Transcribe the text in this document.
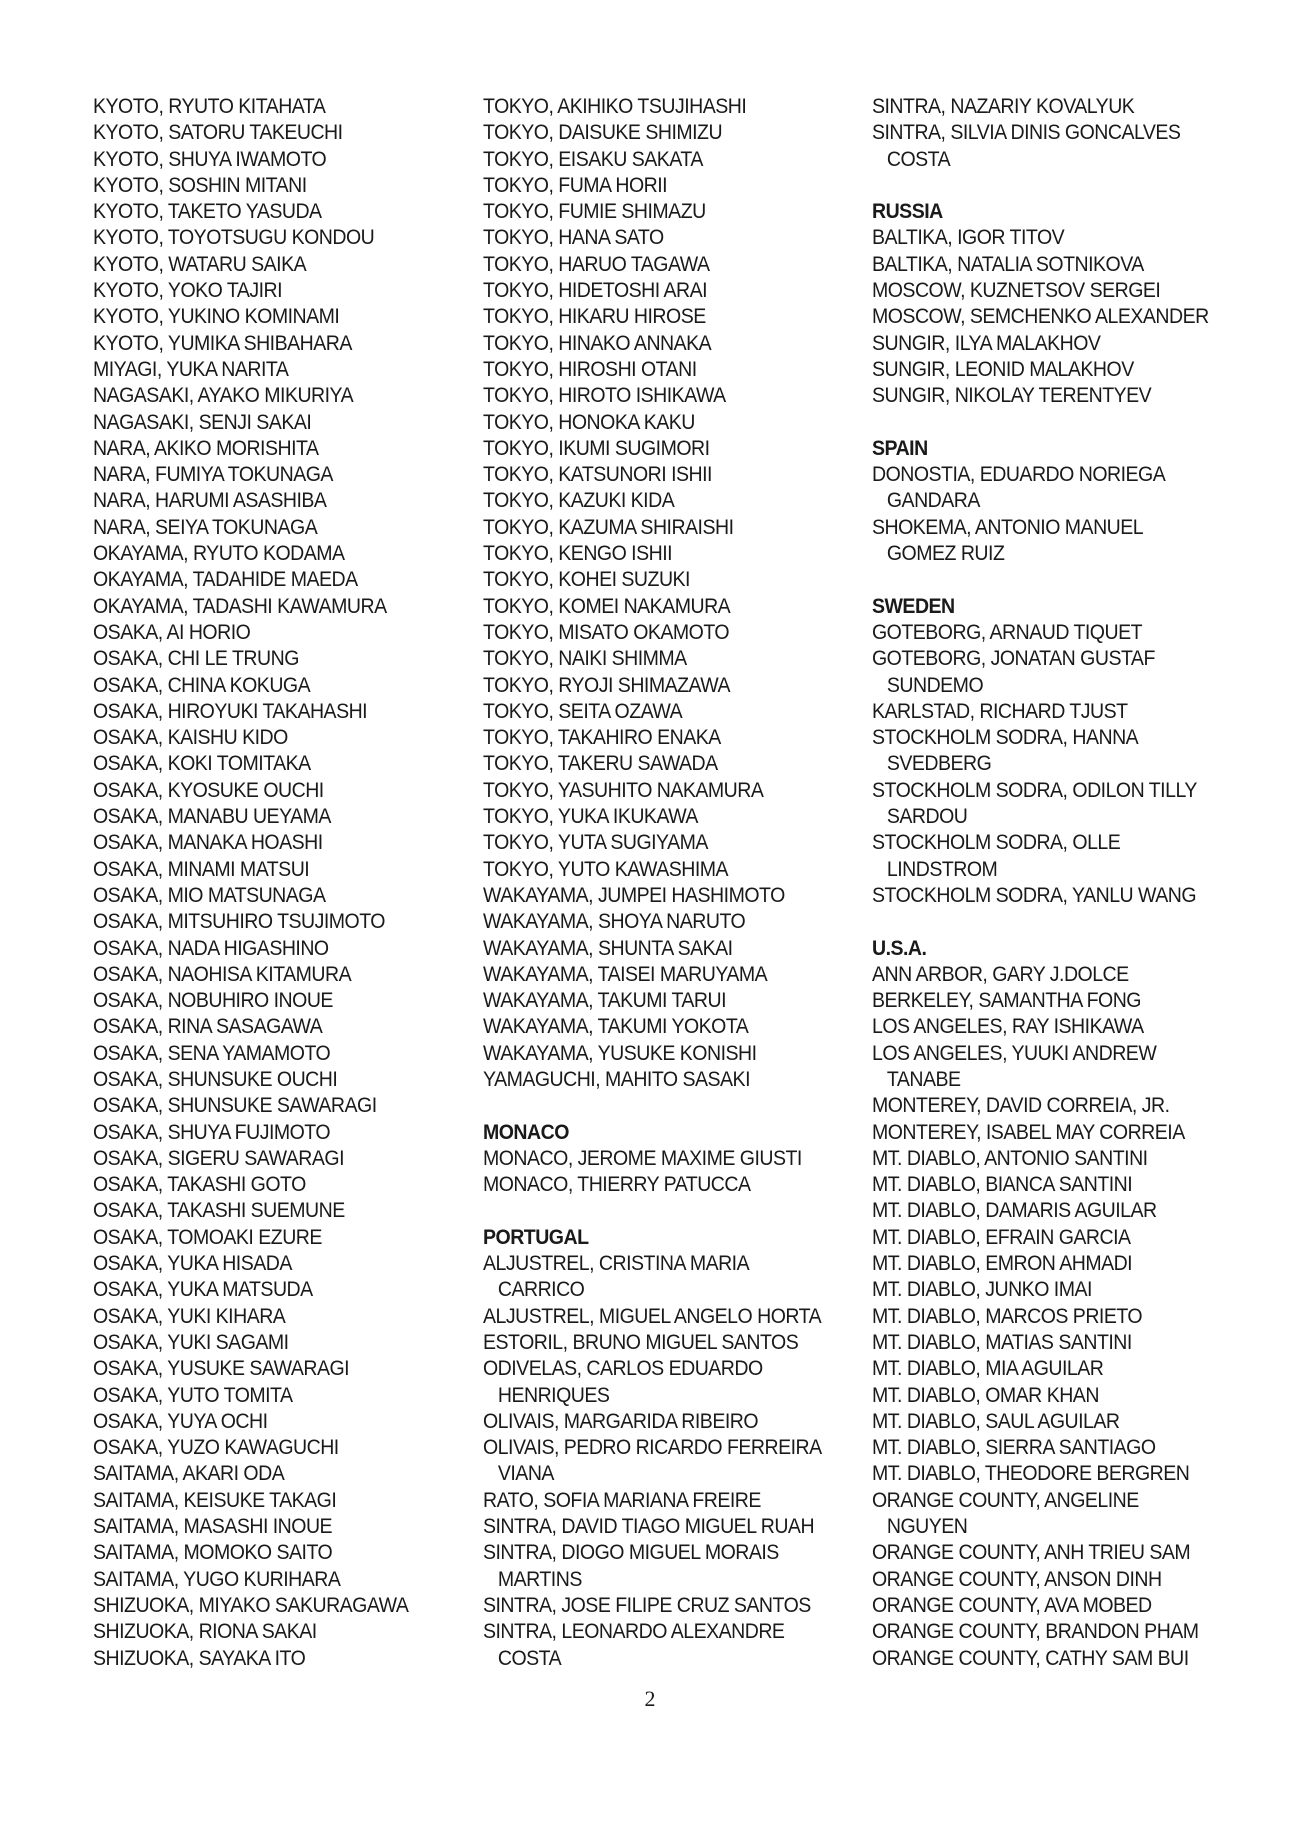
KYOTO, RYUTO KITAHATA
KYOTO, SATORU TAKEUCHI
KYOTO, SHUYA IWAMOTO
KYOTO, SOSHIN MITANI
KYOTO, TAKETO YASUDA
KYOTO, TOYOTSUGU KONDOU
KYOTO, WATARU SAIKA
KYOTO, YOKO TAJIRI
KYOTO, YUKINO KOMINAMI
KYOTO, YUMIKA SHIBAHARA
MIYAGI, YUKA NARITA
NAGASAKI, AYAKO MIKURIYA
NAGASAKI, SENJI SAKAI
NARA, AKIKO MORISHITA
NARA, FUMIYA TOKUNAGA
NARA, HARUMI ASASHIBA
NARA, SEIYA TOKUNAGA
OKAYAMA, RYUTO KODAMA
OKAYAMA, TADAHIDE MAEDA
OKAYAMA, TADASHI KAWAMURA
OSAKA, AI HORIO
OSAKA, CHI LE TRUNG
OSAKA, CHINA KOKUGA
OSAKA, HIROYUKI TAKAHASHI
OSAKA, KAISHU KIDO
OSAKA, KOKI TOMITAKA
OSAKA, KYOSUKE OUCHI
OSAKA, MANABU UEYAMA
OSAKA, MANAKA HOASHI
OSAKA, MINAMI MATSUI
OSAKA, MIO MATSUNAGA
OSAKA, MITSUHIRO TSUJIMOTO
OSAKA, NADA HIGASHINO
OSAKA, NAOHISA KITAMURA
OSAKA, NOBUHIRO INOUE
OSAKA, RINA SASAGAWA
OSAKA, SENA YAMAMOTO
OSAKA, SHUNSUKE OUCHI
OSAKA, SHUNSUKE SAWARAGI
OSAKA, SHUYA FUJIMOTO
OSAKA, SIGERU SAWARAGI
OSAKA, TAKASHI GOTO
OSAKA, TAKASHI SUEMUNE
OSAKA, TOMOAKI EZURE
OSAKA, YUKA HISADA
OSAKA, YUKA MATSUDA
OSAKA, YUKI KIHARA
OSAKA, YUKI SAGAMI
OSAKA, YUSUKE SAWARAGI
OSAKA, YUTO TOMITA
OSAKA, YUYA OCHI
OSAKA, YUZO KAWAGUCHI
SAITAMA, AKARI ODA
SAITAMA, KEISUKE TAKAGI
SAITAMA, MASASHI INOUE
SAITAMA, MOMOKO SAITO
SAITAMA, YUGO KURIHARA
SHIZUOKA, MIYAKO SAKURAGAWA
SHIZUOKA, RIONA SAKAI
SHIZUOKA, SAYAKA ITO
TOKYO, AKIHIKO TSUJIHASHI
TOKYO, DAISUKE SHIMIZU
TOKYO, EISAKU SAKATA
TOKYO, FUMA HORII
TOKYO, FUMIE SHIMAZU
TOKYO, HANA SATO
TOKYO, HARUO TAGAWA
TOKYO, HIDETOSHI ARAI
TOKYO, HIKARU HIROSE
TOKYO, HINAKO ANNAKA
TOKYO, HIROSHI OTANI
TOKYO, HIROTO ISHIKAWA
TOKYO, HONOKA KAKU
TOKYO, IKUMI SUGIMORI
TOKYO, KATSUNORI ISHII
TOKYO, KAZUKI KIDA
TOKYO, KAZUMA SHIRAISHI
TOKYO, KENGO ISHII
TOKYO, KOHEI SUZUKI
TOKYO, KOMEI NAKAMURA
TOKYO, MISATO OKAMOTO
TOKYO, NAIKI SHIMMA
TOKYO, RYOJI SHIMAZAWA
TOKYO, SEITA OZAWA
TOKYO, TAKAHIRO ENAKA
TOKYO, TAKERU SAWADA
TOKYO, YASUHITO NAKAMURA
TOKYO, YUKA IKUKAWA
TOKYO, YUTA SUGIYAMA
TOKYO, YUTO KAWASHIMA
WAKAYAMA, JUMPEI HASHIMOTO
WAKAYAMA, SHOYA NARUTO
WAKAYAMA, SHUNTA SAKAI
WAKAYAMA, TAISEI MARUYAMA
WAKAYAMA, TAKUMI TARUI
WAKAYAMA, TAKUMI YOKOTA
WAKAYAMA, YUSUKE KONISHI
YAMAGUCHI, MAHITO SASAKI
MONACO
MONACO, JEROME MAXIME GIUSTI
MONACO, THIERRY PATUCCA
PORTUGAL
ALJUSTREL, CRISTINA MARIA
CARRICO
ALJUSTREL, MIGUEL ANGELO HORTA
ESTORIL, BRUNO MIGUEL SANTOS
ODIVELAS, CARLOS EDUARDO
HENRIQUES
OLIVAIS, MARGARIDA RIBEIRO
OLIVAIS, PEDRO RICARDO FERREIRA
VIANA
RATO, SOFIA MARIANA FREIRE
SINTRA, DAVID TIAGO MIGUEL RUAH
SINTRA, DIOGO MIGUEL MORAIS
MARTINS
SINTRA, JOSE FILIPE CRUZ SANTOS
SINTRA, LEONARDO ALEXANDRE
COSTA
SINTRA, NAZARIY KOVALYUK
SINTRA, SILVIA DINIS GONCALVES
COSTA
RUSSIA
BALTIKA, IGOR TITOV
BALTIKA, NATALIA SOTNIKOVA
MOSCOW, KUZNETSOV SERGEI
MOSCOW, SEMCHENKO ALEXANDER
SUNGIR, ILYA MALAKHOV
SUNGIR, LEONID MALAKHOV
SUNGIR, NIKOLAY TERENTYEV
SPAIN
DONOSTIA, EDUARDO NORIEGA
GANDARA
SHOKEMA, ANTONIO MANUEL
GOMEZ RUIZ
SWEDEN
GOTEBORG, ARNAUD TIQUET
GOTEBORG, JONATAN GUSTAF
SUNDEMO
KARLSTAD, RICHARD TJUST
STOCKHOLM SODRA, HANNA
SVEDBERG
STOCKHOLM SODRA, ODILON TILLY
SARDOU
STOCKHOLM SODRA, OLLE
LINDSTROM
STOCKHOLM SODRA, YANLU WANG
U.S.A.
ANN ARBOR, GARY J.DOLCE
BERKELEY, SAMANTHA FONG
LOS ANGELES, RAY ISHIKAWA
LOS ANGELES, YUUKI ANDREW
TANABE
MONTEREY, DAVID CORREIA, JR.
MONTEREY, ISABEL MAY CORREIA
MT. DIABLO, ANTONIO SANTINI
MT. DIABLO, BIANCA SANTINI
MT. DIABLO, DAMARIS AGUILAR
MT. DIABLO, EFRAIN GARCIA
MT. DIABLO, EMRON AHMADI
MT. DIABLO, JUNKO IMAI
MT. DIABLO, MARCOS PRIETO
MT. DIABLO, MATIAS SANTINI
MT. DIABLO, MIA AGUILAR
MT. DIABLO, OMAR KHAN
MT. DIABLO, SAUL AGUILAR
MT. DIABLO, SIERRA SANTIAGO
MT. DIABLO, THEODORE BERGREN
ORANGE COUNTY, ANGELINE
NGUYEN
ORANGE COUNTY, ANH TRIEU SAM
ORANGE COUNTY, ANSON DINH
ORANGE COUNTY, AVA MOBED
ORANGE COUNTY, BRANDON PHAM
ORANGE COUNTY, CATHY SAM BUI
2
